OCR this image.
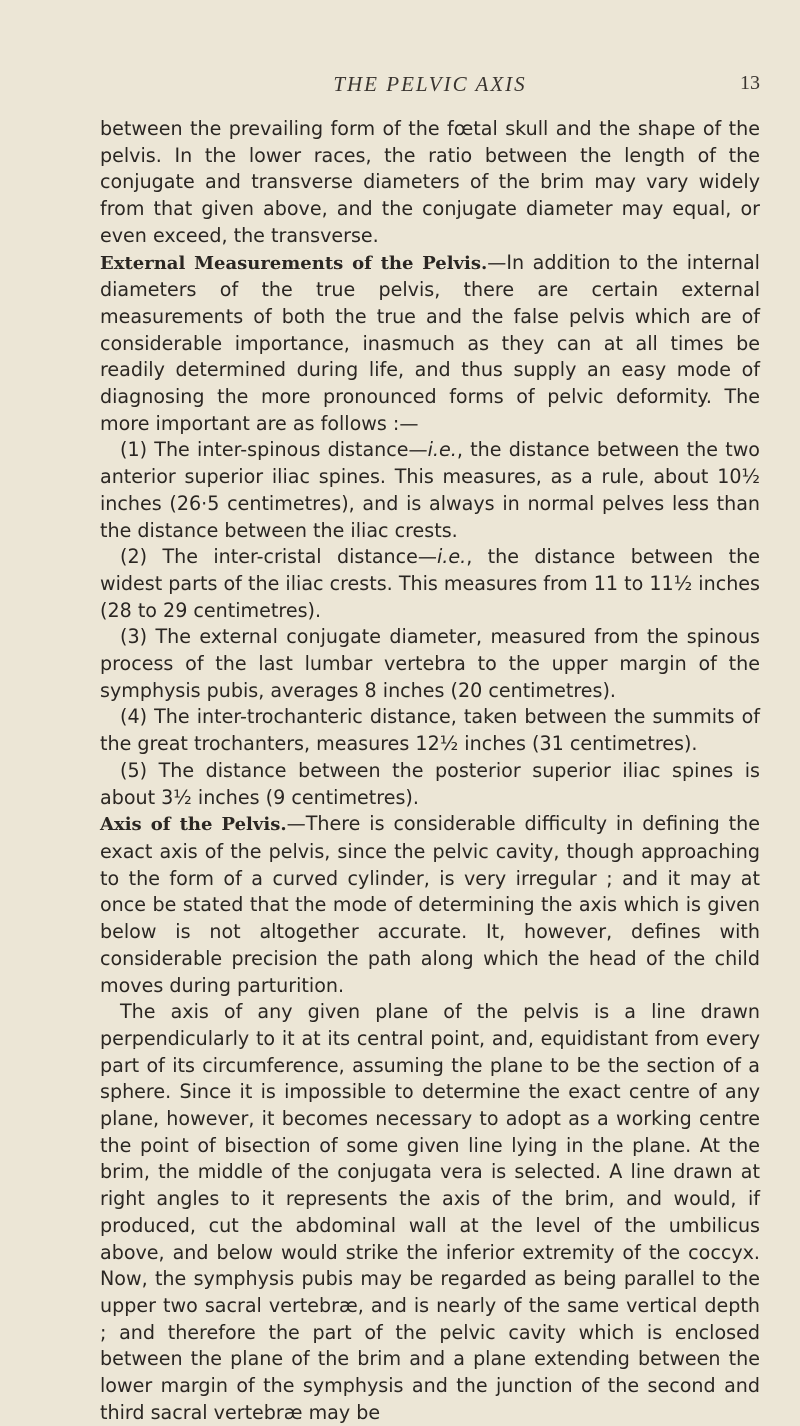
THE PELVIC AXIS	13

between the prevailing form of the fœtal skull and the shape of the pelvis. In the lower races, the ratio between the length of the conjugate and transverse diameters of the brim may vary widely from that given above, and the conjugate diameter may equal, or even exceed, the transverse.

External Measurements of the Pelvis.—In addition to the internal diameters of the true pelvis, there are certain external measurements of both the true and the false pelvis which are of considerable importance, inasmuch as they can at all times be readily determined during life, and thus supply an easy mode of diagnosing the more pronounced forms of pelvic deformity. The more important are as follows :—

(1) The inter-spinous distance—i.e., the distance between the two anterior superior iliac spines. This measures, as a rule, about 10½ inches (26·5 centimetres), and is always in normal pelves less than the distance between the iliac crests.

(2) The inter-cristal distance—i.e., the distance between the widest parts of the iliac crests. This measures from 11 to 11½ inches (28 to 29 centimetres).

(3) The external conjugate diameter, measured from the spinous process of the last lumbar vertebra to the upper margin of the symphysis pubis, averages 8 inches (20 centimetres).

(4) The inter-trochanteric distance, taken between the summits of the great trochanters, measures 12½ inches (31 centimetres).

(5) The distance between the posterior superior iliac spines is about 3½ inches (9 centimetres).

Axis of the Pelvis.—There is considerable difficulty in defining the exact axis of the pelvis, since the pelvic cavity, though approaching to the form of a curved cylinder, is very irregular ; and it may at once be stated that the mode of determining the axis which is given below is not altogether accurate. It, however, defines with considerable precision the path along which the head of the child moves during parturition.

The axis of any given plane of the pelvis is a line drawn perpendicularly to it at its central point, and, equidistant from every part of its circumference, assuming the plane to be the section of a sphere. Since it is impossible to determine the exact centre of any plane, however, it becomes necessary to adopt as a working centre the point of bisection of some given line lying in the plane. At the brim, the middle of the conjugata vera is selected. A line drawn at right angles to it represents the axis of the brim, and would, if produced, cut the abdominal wall at the level of the umbilicus above, and below would strike the inferior extremity of the coccyx. Now, the symphysis pubis may be regarded as being parallel to the upper two sacral vertebræ, and is nearly of the same vertical depth ; and therefore the part of the pelvic cavity which is enclosed between the plane of the brim and a plane extending between the lower margin of the symphysis and the junction of the second and third sacral vertebræ may be
